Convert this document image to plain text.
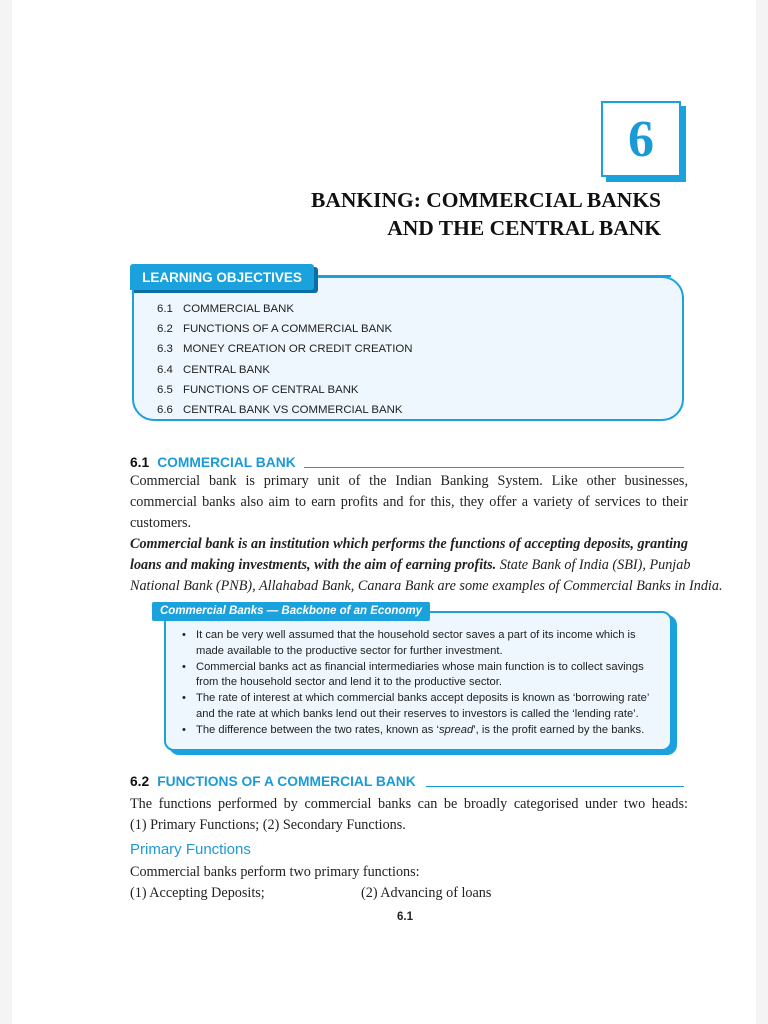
6
BANKING: COMMERCIAL BANKS
AND THE CENTRAL BANK
LEARNING OBJECTIVES
6.1 COMMERCIAL BANK
6.2 FUNCTIONS OF A COMMERCIAL BANK
6.3 MONEY CREATION OR CREDIT CREATION
6.4 CENTRAL BANK
6.5 FUNCTIONS OF CENTRAL BANK
6.6 CENTRAL BANK VS COMMERCIAL BANK
6.1 COMMERCIAL BANK
Commercial bank is primary unit of the Indian Banking System. Like other businesses,
commercial banks also aim to earn profits and for this, they offer a variety of services to their
customers.
Commercial bank is an institution which performs the functions of accepting deposits, granting
loans and making investments, with the aim of earning profits. State Bank of India (SBI), Punjab
National Bank (PNB), Allahabad Bank, Canara Bank are some examples of Commercial Banks in India.
Commercial Banks — Backbone of an Economy
• It can be very well assumed that the household sector saves a part of its income which is
made available to the productive sector for further investment.
• Commercial banks act as financial intermediaries whose main function is to collect savings
from the household sector and lend it to the productive sector.
• The rate of interest at which commercial banks accept deposits is known as ‘borrowing rate’
and the rate at which banks lend out their reserves to investors is called the ‘lending rate’.
• The difference between the two rates, known as ‘spread’, is the profit earned by the banks.
6.2 FUNCTIONS OF A COMMERCIAL BANK
The functions performed by commercial banks can be broadly categorised under two heads:
(1) Primary Functions; (2) Secondary Functions.
Primary Functions
Commercial banks perform two primary functions:
(1) Accepting Deposits;	(2) Advancing of loans
6.1
